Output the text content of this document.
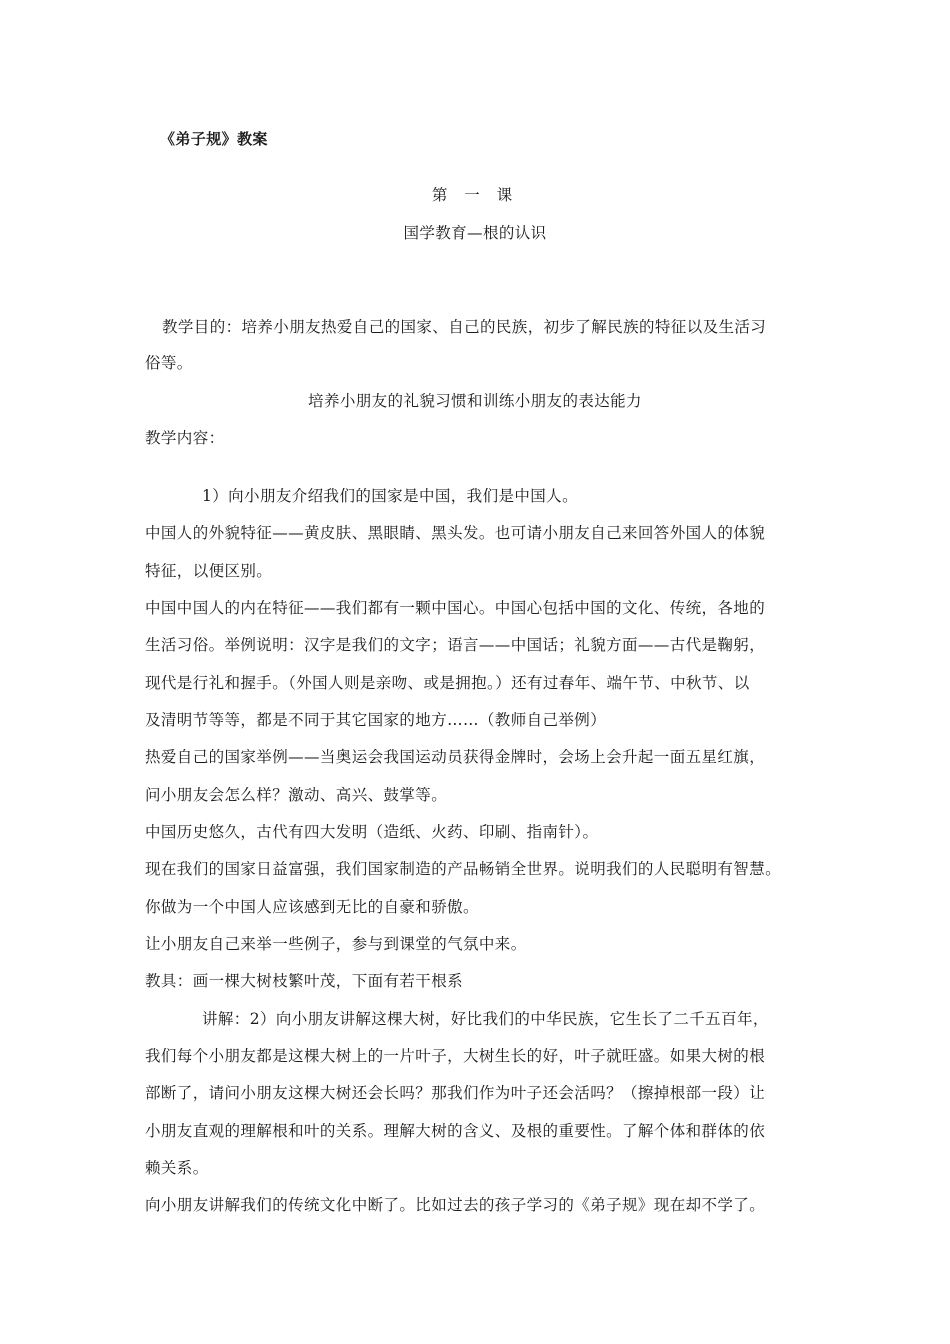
《弟子规》教案
第 一 课
国学教育—根的认识
教学目的：培养小朋友热爱自己的国家、自己的民族，初步了解民族的特征以及生活习
俗等。
培养小朋友的礼貌习惯和训练小朋友的表达能力
教学内容：
1）向小朋友介绍我们的国家是中国，我们是中国人。
中国人的外貌特征——黄皮肤、黑眼睛、黑头发。也可请小朋友自己来回答外国人的体貌
特征，以便区别。
中国中国人的内在特征——我们都有一颗中国心。中国心包括中国的文化、传统，各地的
生活习俗。举例说明：汉字是我们的文字；语言——中国话；礼貌方面——古代是鞠躬，
现代是行礼和握手。（外国人则是亲吻、或是拥抱。）还有过春年、端午节、中秋节、以
及清明节等等，都是不同于其它国家的地方……（教师自己举例）
热爱自己的国家举例——当奥运会我国运动员获得金牌时，会场上会升起一面五星红旗，
问小朋友会怎么样？激动、高兴、鼓掌等。
中国历史悠久，古代有四大发明（造纸、火药、印刷、指南针）。
现在我们的国家日益富强，我们国家制造的产品畅销全世界。说明我们的人民聪明有智慧。
你做为一个中国人应该感到无比的自豪和骄傲。
让小朋友自己来举一些例子，参与到课堂的气氛中来。
教具：画一棵大树枝繁叶茂，下面有若干根系
讲解：2）向小朋友讲解这棵大树，好比我们的中华民族，它生长了二千五百年，
我们每个小朋友都是这棵大树上的一片叶子，大树生长的好，叶子就旺盛。如果大树的根
部断了，请问小朋友这棵大树还会长吗？那我们作为叶子还会活吗？（擦掉根部一段）让
小朋友直观的理解根和叶的关系。理解大树的含义、及根的重要性。了解个体和群体的依
赖关系。
向小朋友讲解我们的传统文化中断了。比如过去的孩子学习的《弟子规》现在却不学了。
